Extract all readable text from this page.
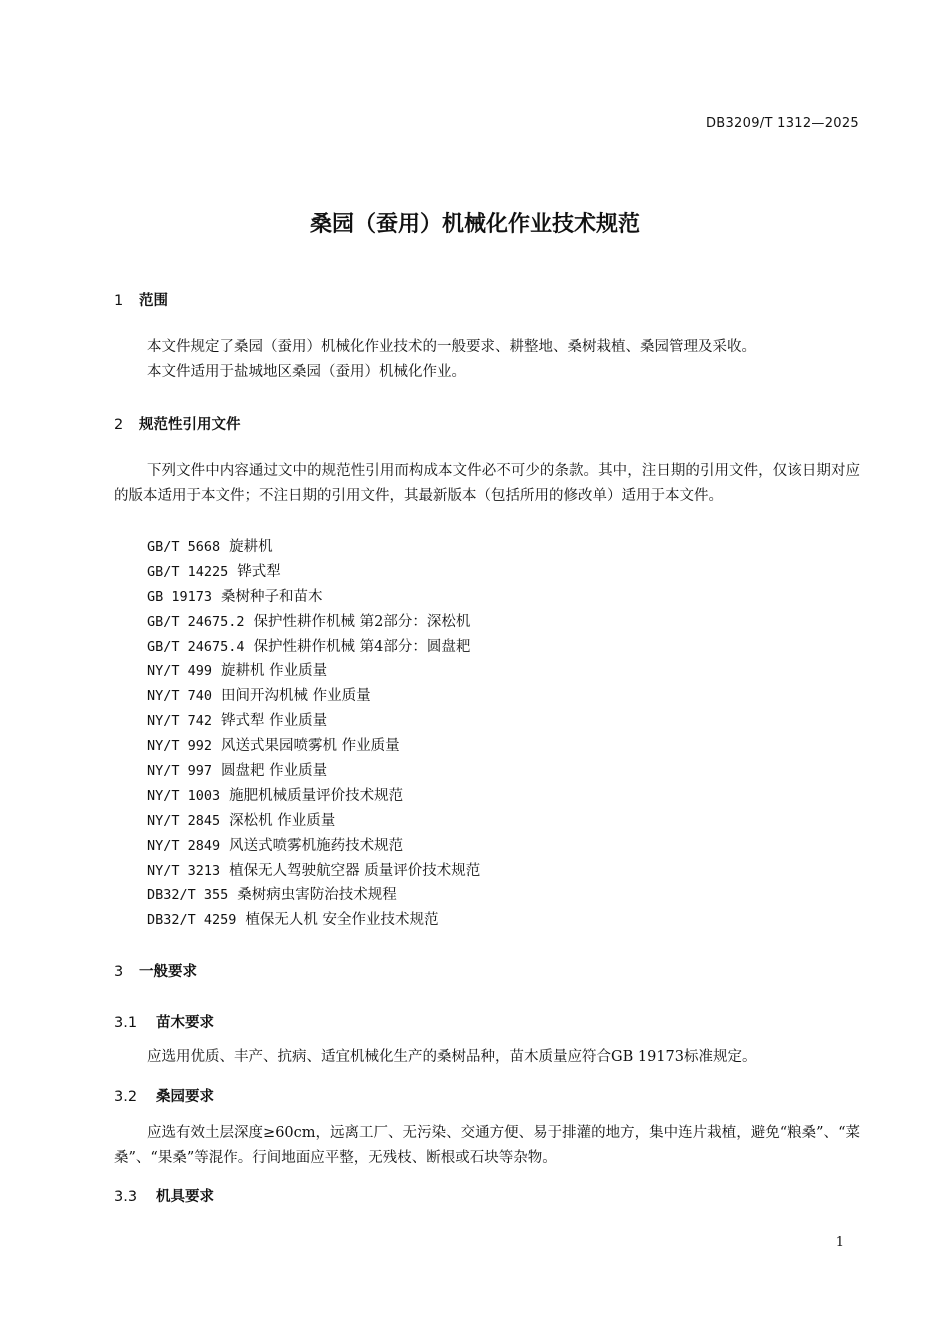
DB3209/T 1312—2025
桑园（蚕用）机械化作业技术规范
1 范围
本文件规定了桑园（蚕用）机械化作业技术的一般要求、耕整地、桑树栽植、桑园管理及采收。
本文件适用于盐城地区桑园（蚕用）机械化作业。
2 规范性引用文件
下列文件中内容通过文中的规范性引用而构成本文件必不可少的条款。其中，注日期的引用文件，仅该日期对应的版本适用于本文件；不注日期的引用文件，其最新版本（包括所用的修改单）适用于本文件。
GB/T 5668 旋耕机
GB/T 14225 铧式犁
GB 19173 桑树种子和苗木
GB/T 24675.2 保护性耕作机械 第2部分：深松机
GB/T 24675.4 保护性耕作机械 第4部分：圆盘耙
NY/T 499 旋耕机 作业质量
NY/T 740 田间开沟机械 作业质量
NY/T 742 铧式犁 作业质量
NY/T 992 风送式果园喷雾机 作业质量
NY/T 997 圆盘耙 作业质量
NY/T 1003 施肥机械质量评价技术规范
NY/T 2845 深松机 作业质量
NY/T 2849 风送式喷雾机施药技术规范
NY/T 3213 植保无人驾驶航空器 质量评价技术规范
DB32/T 355 桑树病虫害防治技术规程
DB32/T 4259 植保无人机 安全作业技术规范
3 一般要求
3.1 苗木要求
应选用优质、丰产、抗病、适宜机械化生产的桑树品种，苗木质量应符合GB 19173标准规定。
3.2 桑园要求
应选有效土层深度≥60cm，远离工厂、无污染、交通方便、易于排灌的地方，集中连片栽植，避免“粮桑”、“菜桑”、“果桑”等混作。行间地面应平整，无残枝、断根或石块等杂物。
3.3 机具要求
1
